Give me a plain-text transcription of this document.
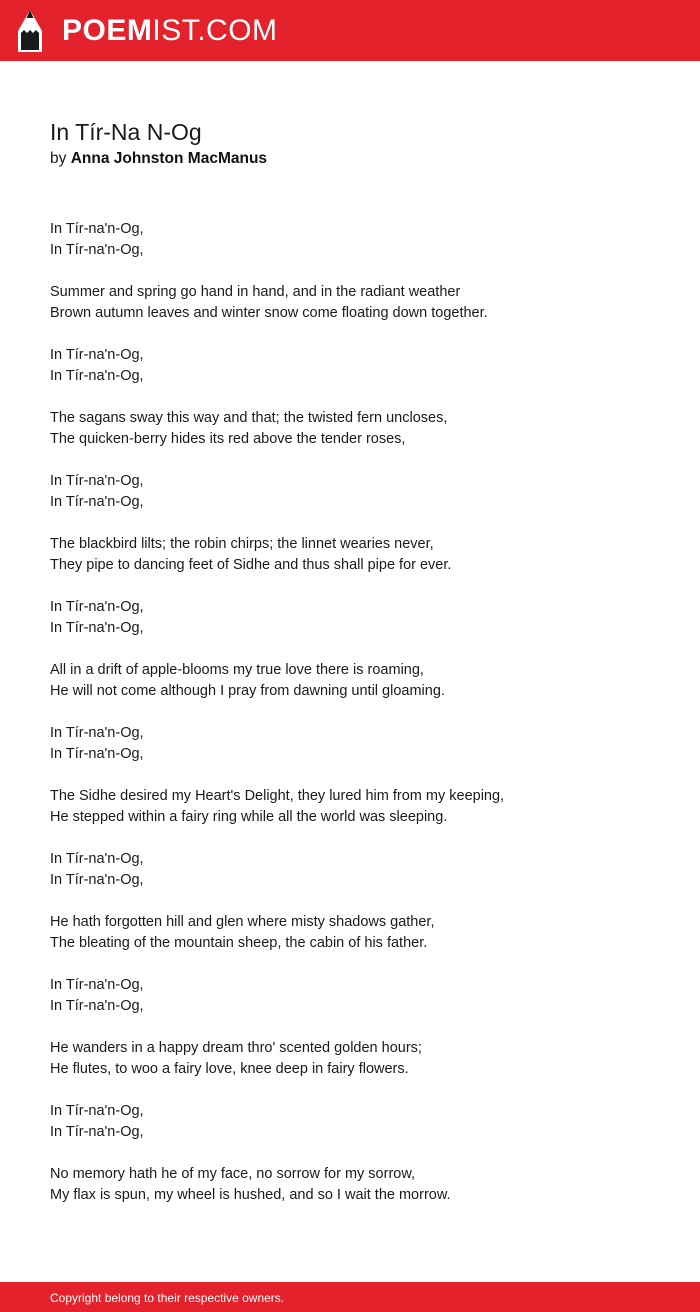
POEMIST.COM
In Tír-Na N-Og
by Anna Johnston MacManus
In Tír-na'n-Og,
In Tír-na'n-Og,
Summer and spring go hand in hand, and in the radiant weather
Brown autumn leaves and winter snow come floating down together.
In Tír-na'n-Og,
In Tír-na'n-Og,
The sagans sway this way and that; the twisted fern uncloses,
The quicken-berry hides its red above the tender roses,
In Tír-na'n-Og,
In Tír-na'n-Og,
The blackbird lilts; the robin chirps; the linnet wearies never,
They pipe to dancing feet of Sidhe and thus shall pipe for ever.
In Tír-na'n-Og,
In Tír-na'n-Og,
All in a drift of apple-blooms my true love there is roaming,
He will not come although I pray from dawning until gloaming.
In Tír-na'n-Og,
In Tír-na'n-Og,
The Sidhe desired my Heart's Delight, they lured him from my keeping,
He stepped within a fairy ring while all the world was sleeping.
In Tír-na'n-Og,
In Tír-na'n-Og,
He hath forgotten hill and glen where misty shadows gather,
The bleating of the mountain sheep, the cabin of his father.
In Tír-na'n-Og,
In Tír-na'n-Og,
He wanders in a happy dream thro' scented golden hours;
He flutes, to woo a fairy love, knee deep in fairy flowers.
In Tír-na'n-Og,
In Tír-na'n-Og,
No memory hath he of my face, no sorrow for my sorrow,
My flax is spun, my wheel is hushed, and so I wait the morrow.
Copyright belong to their respective owners.
